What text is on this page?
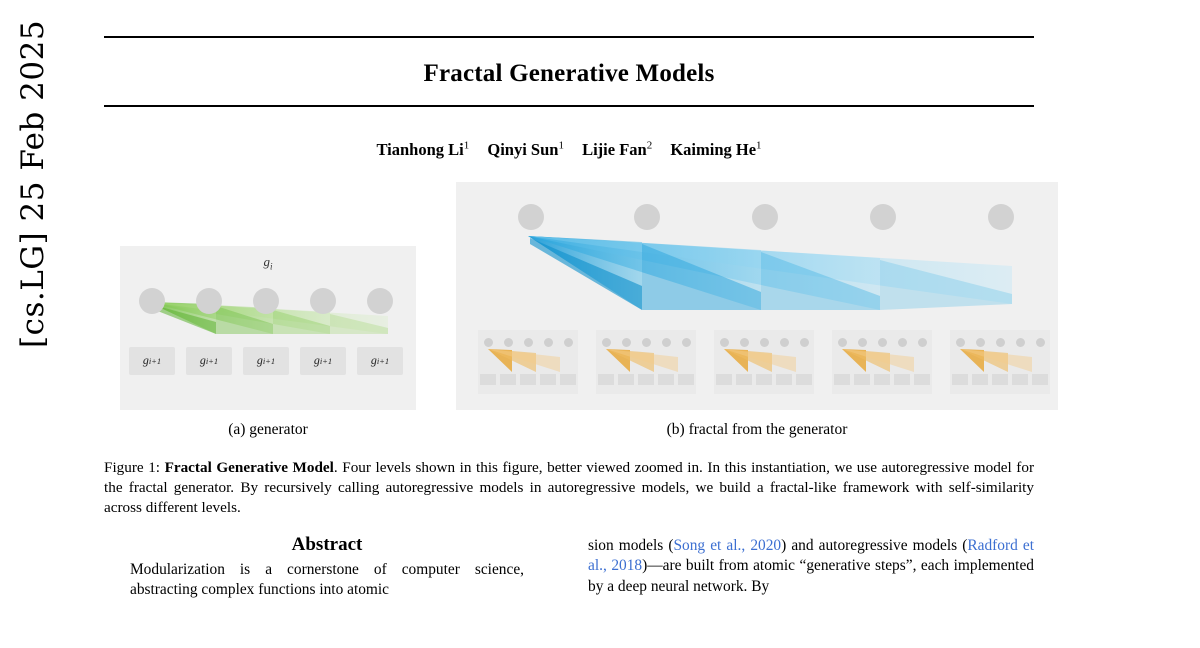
[cs.LG] 25 Feb 2025	Fractal Generative Models
Tianhong Li$^1$ Qinyi Sun$^1$ Lijie Fan$^2$ Kaiming He$^1$
$g_i$
g i+1	g i+1	g i+1	g i+1	g i+1
(a) generator	(b) fractal from the generator
Figure 1: Fractal Generative Model. Four levels shown in this figure, better viewed zoomed in. In this instantiation, we use autoregressive model for the fractal generator. By recursively calling autoregressive models in autoregressive models, we build a fractal-like framework with self-similarity across different levels.
Abstract
Modularization is a cornerstone of computer science, abstracting complex functions into atomic
sion models (Song et al., 2020) and autoregressive models (Radford et al., 2018)—are built from atomic “generative steps”, each implemented by a deep neural network. By
